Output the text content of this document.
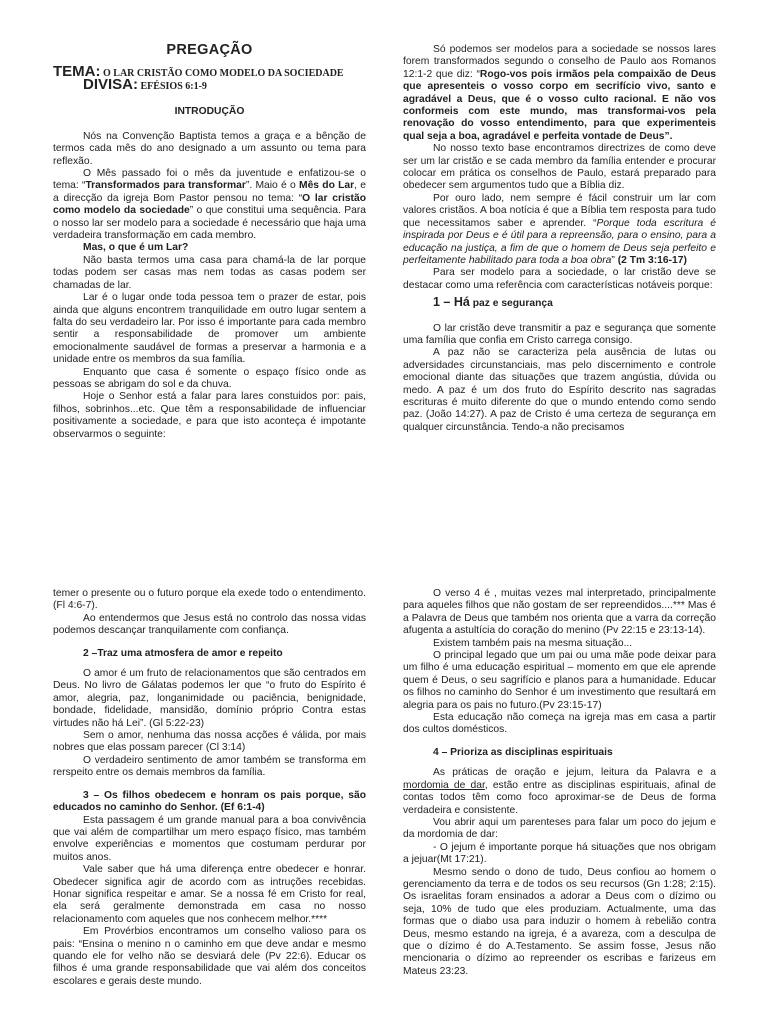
PREGAÇÃO

TEMA: O LAR CRISTÃO COMO MODELO DA SOCIEDADE

DIVISA: EFÉSIOS 6:1-9

INTRODUÇÃO

Nós na Convenção Baptista temos a graça e a bênção de termos cada mês do ano designado a um assunto ou tema para reflexão.

O Mês passado foi o mês da juventude e enfatizou-se o tema: “Transformados para transformar”. Maio é o Mês do Lar, e a direcção da igreja Bom Pastor pensou no tema: “O lar cristão como modelo da sociedade” o que constitui uma sequência. Para o nosso lar ser modelo para a sociedade é necessário que haja uma verdadeira transformação em cada membro.

Mas, o que é um Lar?

Não basta termos uma casa para chamá-la de lar porque todas podem ser casas mas nem todas as casas podem ser chamadas de lar.

Lar é o lugar onde toda pessoa tem o prazer de estar, pois ainda que alguns encontrem tranquilidade em outro lugar sentem a falta do seu verdadeiro lar. Por isso é importante para cada membro sentir a responsabilidade de promover um ambiente emocionalmente saudável de formas a preservar a harmonia e a unidade entre os membros da sua família.

Enquanto que casa é somente o espaço físico onde as pessoas se abrigam do sol e da chuva.

Hoje o Senhor está a falar para lares constuidos por: pais, filhos, sobrinhos...etc. Que têm a responsabilidade de influenciar positivamente a sociedade, e para que isto aconteça é impotante observarmos o seguinte:

Só podemos ser modelos para a sociedade se nossos lares forem transformados segundo o conselho de Paulo aos Romanos 12:1-2 que diz: “Rogo-vos pois irmãos pela compaixão de Deus que apresenteis o vosso corpo em secrifício vivo, santo e agradável a Deus, que é o vosso culto racional. E não vos conformeis com este mundo, mas transformai-vos pela renovação do vosso entendimento, para que experimenteis qual seja a boa, agradável e perfeita vontade de Deus”.

No nosso texto base encontramos directrizes de como deve ser um lar cristão e se cada membro da família entender e procurar colocar em prática os conselhos de Paulo, estará preparado para obedecer sem argumentos tudo que a Bíblia diz.

Por ouro lado, nem sempre é fácil construir um lar com valores cristãos. A boa notícia é que a Bíblia tem resposta para tudo que necessitamos saber e aprender. “Porque toda escritura é inspirada por Deus e é útil para a repreensão, para o ensino, para a educação na justiça, a fim de que o homem de Deus seja perfeito e perfeitamente habilitado para toda a boa obra” (2 Tm 3:16-17)

Para ser modelo para a sociedade, o lar cristão deve se destacar como uma referência com características notáveis porque:

1 – Há paz e segurança

O lar cristão deve transmitir a paz e segurança que somente uma família que confia em Cristo carrega consigo.

A paz não se caracteriza pela ausência de lutas ou adversidades circunstanciais, mas pelo discernimento e controle emocional diante das situações que trazem angústia, dúvida ou medo. A paz é um dos fruto do Espírito descrito nas sagradas escrituras é muito diferente do que o mundo entendo como sendo paz. (João 14:27). A paz de Cristo é uma certeza de segurança em qualquer circunstância. Tendo-a não precisamos

temer o presente ou o futuro porque ela exede todo o entendimento. (Fl 4:6-7).

Ao entendermos que Jesus está no controlo das nossa vidas podemos descançar tranquilamente com confiança.

2 –Traz uma atmosfera de amor e repeito

O amor é um fruto de relacionamentos que são centrados em Deus. No livro de Gálatas podemos ler que “o fruto do Espírito é amor, alegria, paz, longanimidade ou paciência, benignidade, bondade, fidelidade, mansidão, domínio próprio Contra estas virtudes não há Lei”. (Gl 5:22-23)

Sem o amor, nenhuma das nossa acções é válida, por mais nobres que elas possam parecer (Cl 3:14)

O verdadeiro sentimento de amor também se transforma em rerspeito entre os demais membros da família.

3 – Os filhos obedecem e honram os pais porque, são educados no caminho do Senhor. (Ef 6:1-4)

Esta passagem é um grande manual para a boa convivência que vai além de compartilhar um mero espaço físico, mas também envolve experiências e momentos que costumam perdurar por muitos anos.

Vale saber que há uma diferença entre obedecer e honrar. Obedecer significa agir de acordo com as intruções recebidas. Honar significa respeitar e amar. Se a nossa fé em Cristo for real, ela será geralmente demonstrada em casa no nosso relacionamento com aqueles que nos conhecem melhor.****

Em Provérbios encontramos um conselho valioso para os pais: “Ensina o menino n o caminho em que deve andar e mesmo quando ele for velho não se desviará dele (Pv 22:6). Educar os filhos é uma grande responsabilidade que vai além dos conceitos escolares e gerais deste mundo.

O verso 4 é , muitas vezes mal interpretado, principalmente para aqueles filhos que não gostam de ser repreendidos....*** Mas é a Palavra de Deus que também nos orienta que a varra da correção afugenta a astultícia do coração do menino (Pv 22:15 e 23:13-14).

Existem também pais na mesma situação...

O principal legado que um pai ou uma mãe pode deixar para um filho é uma educação espiritual – momento em que ele aprende quem é Deus, o seu sagrifício e planos para a humanidade. Educar os filhos no caminho do Senhor é um investimento que resultará em alegria para os pais no futuro.(Pv 23:15-17)

Esta educação não começa na igreja mas em casa a partir dos cultos domésticos.

4 – Prioriza as disciplinas espirituais

As práticas de oração e jejum, leitura da Palavra e a mordomia de dar, estão entre as disciplinas espirituais, afinal de contas todos têm como foco aproximar-se de Deus de forma verdadeira e consistente.

Vou abrir aqui um parenteses para falar um poco do jejum e da mordomia de dar:

- O jejum é importante porque há situações que nos obrigam a jejuar(Mt 17:21).

Mesmo sendo o dono de tudo, Deus confiou ao homem o gerenciamento da terra e de todos os seu recursos (Gn 1:28; 2:15). Os israelitas foram ensinados a adorar a Deus com o dízimo ou seja, 10% de tudo que eles produziam. Actualmente, uma das formas que o diabo usa para induzir o homem à rebelião contra Deus, mesmo estando na igreja, é a avareza, com a desculpa de que o dízimo é do A.Testamento. Se assim fosse, Jesus não mencionaria o dízimo ao repreender os escribas e farizeus em Mateus 23:23.
